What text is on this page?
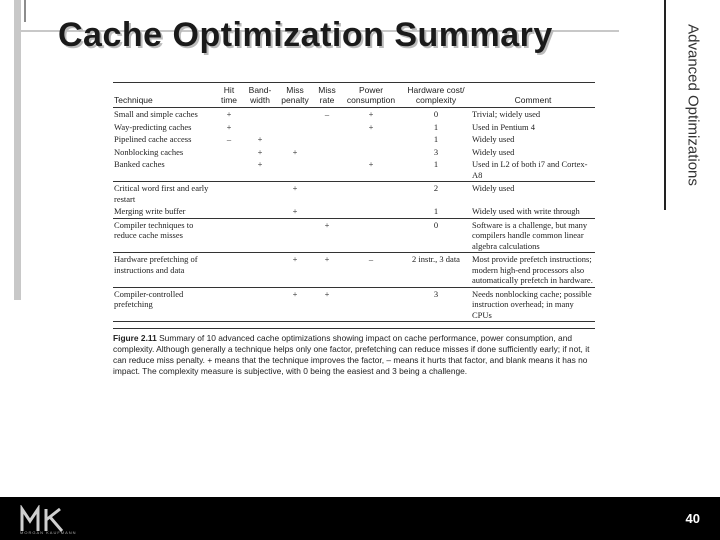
Cache Optimization Summary	Advanced Optimizations
Technique	Hit time	Band-width	Miss penalty	Miss rate	Power consumption	Hardware cost/ complexity	Comment
Small and simple caches	+			–	+	0	Trivial; widely used
Way-predicting caches	+				+	1	Used in Pentium 4
Pipelined cache access	–	+				1	Widely used
Nonblocking caches		+	+			3	Widely used
Banked caches		+			+	1	Used in L2 of both i7 and Cortex-A8
Critical word first and early restart			+			2	Widely used
Merging write buffer			+			1	Widely used with write through
Compiler techniques to reduce cache misses				+		0	Software is a challenge, but many compilers handle common linear algebra calculations
Hardware prefetching of instructions and data			+	+	–	2 instr., 3 data	Most provide prefetch instructions; modern high-end processors also automatically prefetch in hardware.
Compiler-controlled prefetching			+	+		3	Needs nonblocking cache; possible instruction overhead; in many CPUs
Figure 2.11 Summary of 10 advanced cache optimizations showing impact on cache performance, power consumption, and complexity. Although generally a technique helps only one factor, prefetching can reduce misses if done sufficiently early; if not, it can reduce miss penalty. + means that the technique improves the factor, – means it hurts that factor, and blank means it has no impact. The complexity measure is subjective, with 0 being the easiest and 3 being a challenge.
MORGAN KAUFMANN
40
